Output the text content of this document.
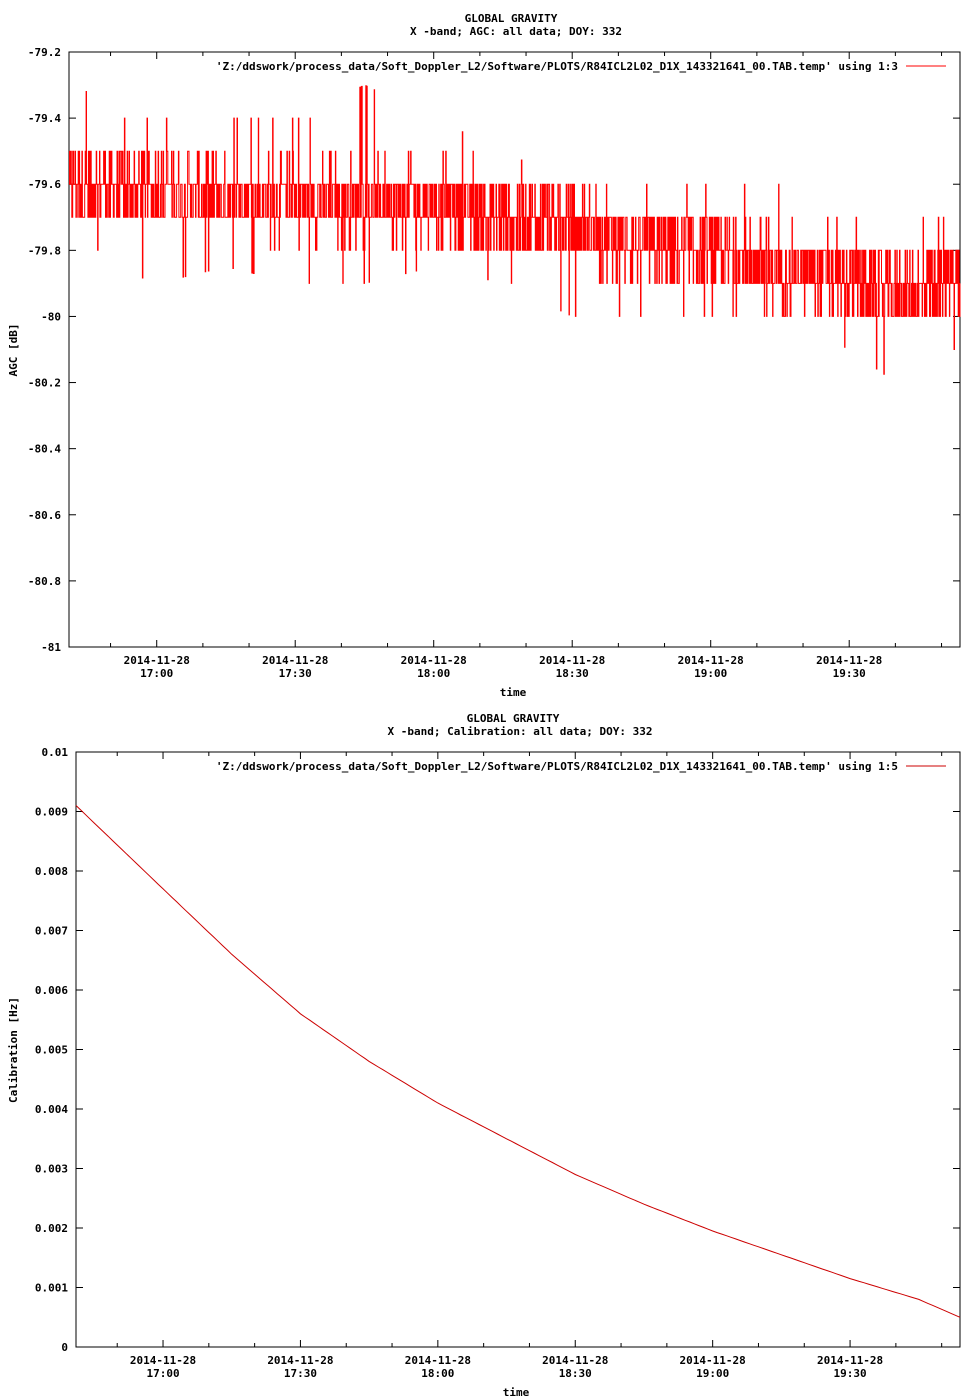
GLOBAL GRAVITY
X -band; AGC: all data; DOY: 332
-79.2
-79.4
-79.6
-79.8
-80
-80.2
-80.4
-80.6
-80.8
-81
2014-11-28
17:00
2014-11-28
17:30
2014-11-28
18:00
2014-11-28
18:30
2014-11-28
19:00
2014-11-28
19:30
time
AGC [dB]
'Z:/ddswork/process_data/Soft_Doppler_L2/Software/PLOTS/R84ICL2L02_D1X_143321641_00.TAB.temp' using 1:3
GLOBAL GRAVITY
X -band; Calibration: all data; DOY: 332
0.01
0.009
0.008
0.007
0.006
0.005
0.004
0.003
0.002
0.001
0
2014-11-28
17:00
2014-11-28
17:30
2014-11-28
18:00
2014-11-28
18:30
2014-11-28
19:00
2014-11-28
19:30
time
Calibration [Hz]
'Z:/ddswork/process_data/Soft_Doppler_L2/Software/PLOTS/R84ICL2L02_D1X_143321641_00.TAB.temp' using 1:5
